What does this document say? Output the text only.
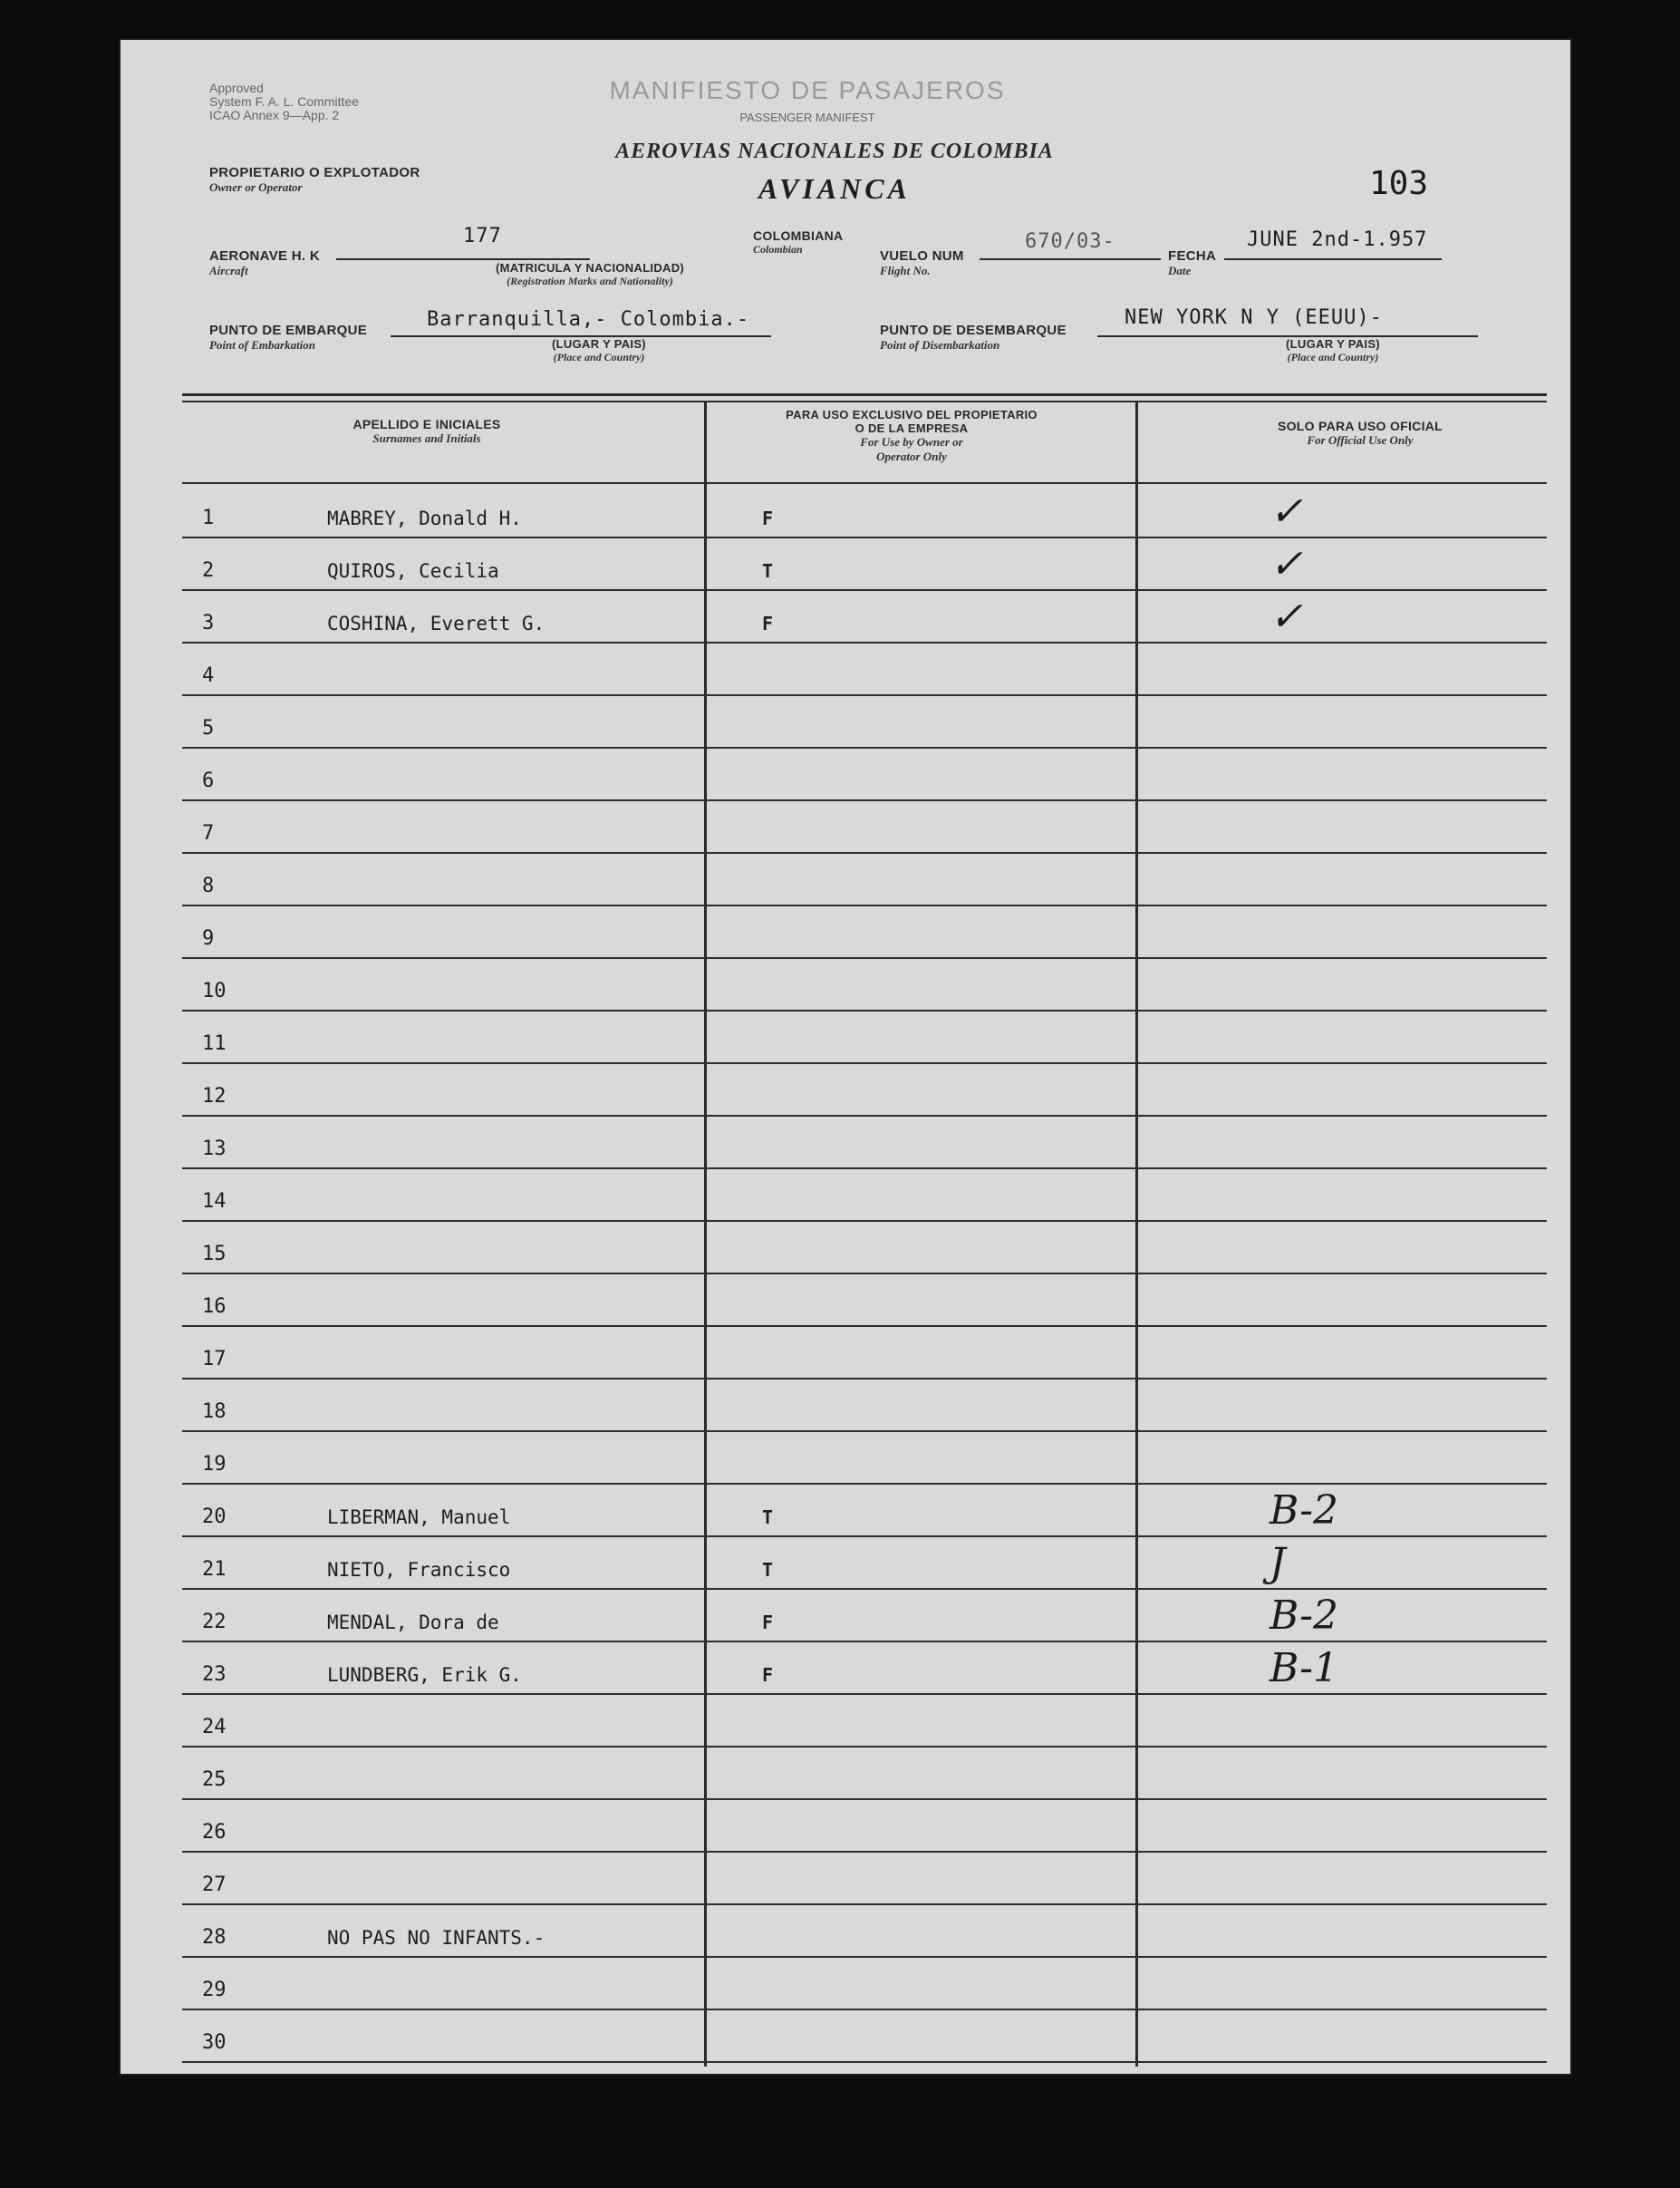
Approved
System F. A. L. Committee
ICAO Annex 9—App. 2
MANIFIESTO DE PASAJEROS
PASSENGER MANIFEST
AEROVIAS NACIONALES DE COLOMBIA
AVIANCA	103
PROPIETARIO O EXPLOTADOR
Owner or Operator
AERONAVE H. K
Aircraft
177
(MATRICULA Y NACIONALIDAD)
(Registration Marks and Nationality)
COLOMBIANA
Colombian	VUELO NUM
Flight No.
670/03-
FECHA
Date
JUNE 2nd-1.957
PUNTO DE EMBARQUE
Point of Embarkation
Barranquilla,- Colombia.-
(LUGAR Y PAIS)
(Place and Country)
PUNTO DE DESEMBARQUE
Point of Disembarkation
NEW YORK N Y (EEUU)-
(LUGAR Y PAIS)
(Place and Country)
APELLIDO E INICIALES
Surnames and Initials
PARA USO EXCLUSIVO DEL PROPIETARIO
O DE LA EMPRESA
For Use by Owner or
Operator Only
SOLO PARA USO OFICIAL
For Official Use Only
1	MABREY, Donald H.	F	✓
2	QUIROS, Cecilia	T	✓
3	COSHINA, Everett G.	F	✓
4
5
6
7
8
9
10
11
12
13
14
15
16
17
18
19
20	LIBERMAN, Manuel	T	B-2
21	NIETO, Francisco	T	J
22	MENDAL, Dora de	F	B-2
23	LUNDBERG, Erik G.	F	B-1
24
25
26
27
28	NO PAS NO INFANTS.-
29
30
